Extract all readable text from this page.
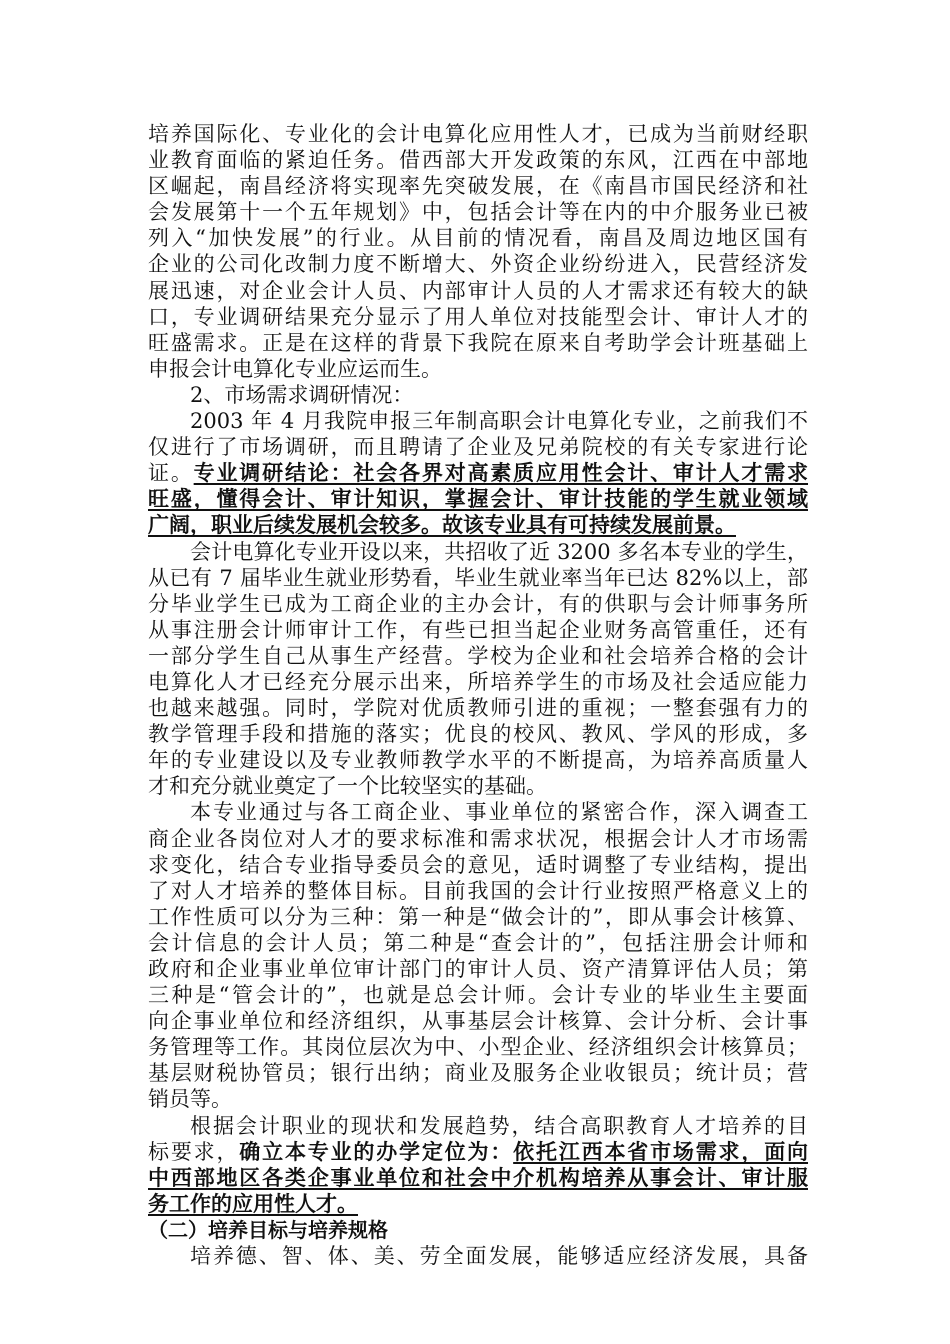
培养国际化、专业化的会计电算化应用性人才，已成为当前财经职
业教育面临的紧迫任务。借西部大开发政策的东风，江西在中部地
区崛起，南昌经济将实现率先突破发展，在《南昌市国民经济和社
会发展第十一个五年规划》中，包括会计等在内的中介服务业已被
列入“加快发展”的行业。从目前的情况看，南昌及周边地区国有
企业的公司化改制力度不断增大、外资企业纷纷进入，民营经济发
展迅速，对企业会计人员、内部审计人员的人才需求还有较大的缺
口，专业调研结果充分显示了用人单位对技能型会计、审计人才的
旺盛需求。正是在这样的背景下我院在原来自考助学会计班基础上
申报会计电算化专业应运而生。
2、市场需求调研情况：
2003 年 4 月我院申报三年制高职会计电算化专业，之前我们不
仅进行了市场调研，而且聘请了企业及兄弟院校的有关专家进行论
证。专业调研结论：社会各界对高素质应用性会计、审计人才需求
旺盛，懂得会计、审计知识，掌握会计、审计技能的学生就业领域
广阔，职业后续发展机会较多。故该专业具有可持续发展前景。
会计电算化专业开设以来，共招收了近 3200 多名本专业的学生，
从已有 7 届毕业生就业形势看，毕业生就业率当年已达 82%以上，部
分毕业学生已成为工商企业的主办会计，有的供职与会计师事务所
从事注册会计师审计工作，有些已担当起企业财务高管重任，还有
一部分学生自己从事生产经营。学校为企业和社会培养合格的会计
电算化人才已经充分展示出来，所培养学生的市场及社会适应能力
也越来越强。同时，学院对优质教师引进的重视；一整套强有力的
教学管理手段和措施的落实；优良的校风、教风、学风的形成，多
年的专业建设以及专业教师教学水平的不断提高，为培养高质量人
才和充分就业奠定了一个比较坚实的基础。
本专业通过与各工商企业、事业单位的紧密合作，深入调查工
商企业各岗位对人才的要求标准和需求状况，根据会计人才市场需
求变化，结合专业指导委员会的意见，适时调整了专业结构，提出
了对人才培养的整体目标。目前我国的会计行业按照严格意义上的
工作性质可以分为三种：第一种是“做会计的”，即从事会计核算、
会计信息的会计人员；第二种是“查会计的”，包括注册会计师和
政府和企业事业单位审计部门的审计人员、资产清算评估人员；第
三种是“管会计的”，也就是总会计师。会计专业的毕业生主要面
向企事业单位和经济组织，从事基层会计核算、会计分析、会计事
务管理等工作。其岗位层次为中、小型企业、经济组织会计核算员；
基层财税协管员；银行出纳；商业及服务企业收银员；统计员；营
销员等。
根据会计职业的现状和发展趋势，结合高职教育人才培养的目
标要求，确立本专业的办学定位为：依托江西本省市场需求，面向
中西部地区各类企事业单位和社会中介机构培养从事会计、审计服
务工作的应用性人才。
（二）培养目标与培养规格
培养德、智、体、美、劳全面发展，能够适应经济发展，具备
